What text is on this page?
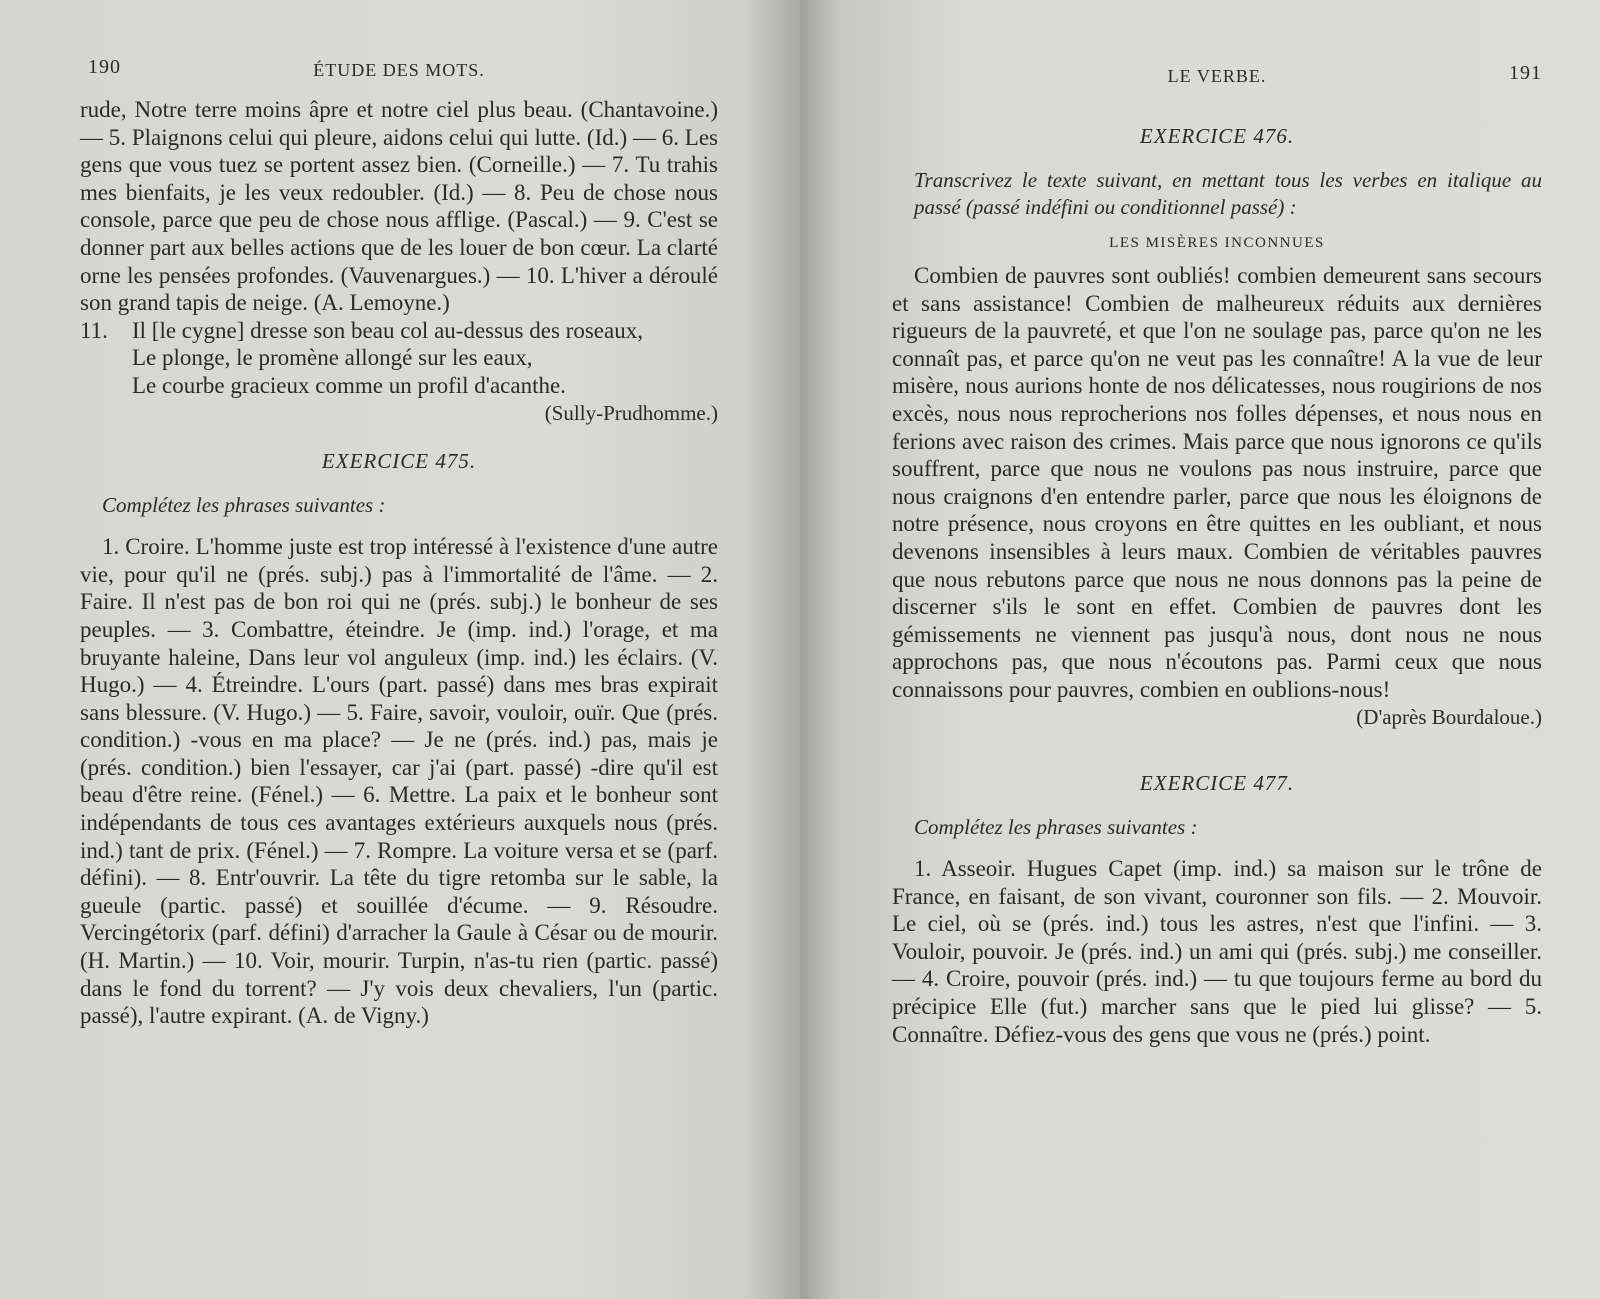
190	ÉTUDE DES MOTS.

rude, Notre terre moins âpre et notre ciel plus beau. (Chantavoine.) — 5. Plaignons celui qui pleure, aidons celui qui lutte. (Id.) — 6. Les gens que vous tuez se portent assez bien. (Corneille.) — 7. Tu trahis mes bienfaits, je les veux redoubler. (Id.) — 8. Peu de chose nous console, parce que peu de chose nous afflige. (Pascal.) — 9. C'est se donner part aux belles actions que de les louer de bon cœur. La clarté orne les pensées profondes. (Vauvenargues.) — 10. L'hiver a déroulé son grand tapis de neige. (A. Lemoyne.)

11. Il [le cygne] dresse son beau col au-dessus des roseaux,

Le plonge, le promène allongé sur les eaux,

Le courbe gracieux comme un profil d'acanthe.

(Sully-Prudhomme.)

EXERCICE 475.

Complétez les phrases suivantes :

1. Croire. L'homme juste est trop intéressé à l'existence d'une autre vie, pour qu'il ne (prés. subj.) pas à l'immortalité de l'âme. — 2. Faire. Il n'est pas de bon roi qui ne (prés. subj.) le bonheur de ses peuples. — 3. Combattre, éteindre. Je (imp. ind.) l'orage, et ma bruyante haleine, Dans leur vol anguleux (imp. ind.) les éclairs. (V. Hugo.) — 4. Étreindre. L'ours (part. passé) dans mes bras expirait sans blessure. (V. Hugo.) — 5. Faire, savoir, vouloir, ouïr. Que (prés. condition.) -vous en ma place? — Je ne (prés. ind.) pas, mais je (prés. condition.) bien l'essayer, car j'ai (part. passé) -dire qu'il est beau d'être reine. (Fénel.) — 6. Mettre. La paix et le bonheur sont indépendants de tous ces avantages extérieurs auxquels nous (prés. ind.) tant de prix. (Fénel.) — 7. Rompre. La voiture versa et se (parf. défini). — 8. Entr'ouvrir. La tête du tigre retomba sur le sable, la gueule (partic. passé) et souillée d'écume. — 9. Résoudre. Vercingétorix (parf. défini) d'arracher la Gaule à César ou de mourir. (H. Martin.) — 10. Voir, mourir. Turpin, n'as-tu rien (partic. passé) dans le fond du torrent? — J'y vois deux chevaliers, l'un (partic. passé), l'autre expirant. (A. de Vigny.)

LE VERBE.	191
EXERCICE 476.

Transcrivez le texte suivant, en mettant tous les verbes en italique au passé (passé indéfini ou conditionnel passé) :

LES MISÈRES INCONNUES

Combien de pauvres sont oubliés! combien demeurent sans secours et sans assistance! Combien de malheureux réduits aux dernières rigueurs de la pauvreté, et que l'on ne soulage pas, parce qu'on ne les connaît pas, et parce qu'on ne veut pas les connaître! A la vue de leur misère, nous aurions honte de nos délicatesses, nous rougirions de nos excès, nous nous reprocherions nos folles dépenses, et nous nous en ferions avec raison des crimes. Mais parce que nous ignorons ce qu'ils souffrent, parce que nous ne voulons pas nous instruire, parce que nous craignons d'en entendre parler, parce que nous les éloignons de notre présence, nous croyons en être quittes en les oubliant, et nous devenons insensibles à leurs maux. Combien de véritables pauvres que nous rebutons parce que nous ne nous donnons pas la peine de discerner s'ils le sont en effet. Combien de pauvres dont les gémissements ne viennent pas jusqu'à nous, dont nous ne nous approchons pas, que nous n'écoutons pas. Parmi ceux que nous connaissons pour pauvres, combien en oublions-nous!

(D'après Bourdaloue.)

EXERCICE 477.

Complétez les phrases suivantes :

1. Asseoir. Hugues Capet (imp. ind.) sa maison sur le trône de France, en faisant, de son vivant, couronner son fils. — 2. Mouvoir. Le ciel, où se (prés. ind.) tous les astres, n'est que l'infini. — 3. Vouloir, pouvoir. Je (prés. ind.) un ami qui (prés. subj.) me conseiller. — 4. Croire, pouvoir (prés. ind.) — tu que toujours ferme au bord du précipice Elle (fut.) marcher sans que le pied lui glisse? — 5. Connaître. Défiez-vous des gens que vous ne (prés.) point.
